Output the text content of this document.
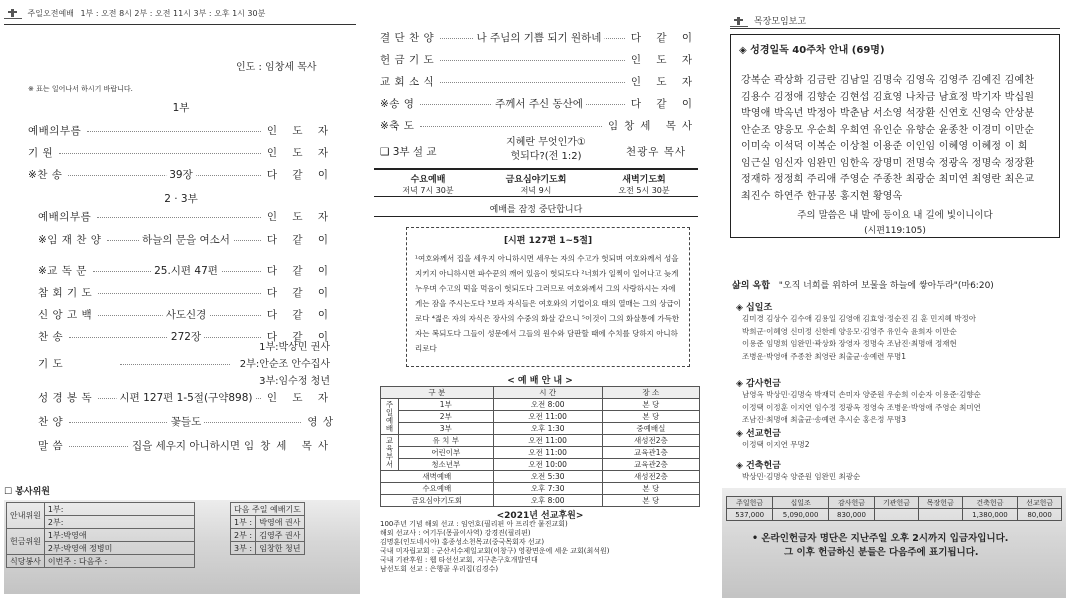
주일오전예배 1부 : 오전 8시 2부 : 오전 11시 3부 : 오후 1시 30분
인도 : 임창세 목사
※ 표는 일어나서 하시기 바랍니다.
1부
예배의부름	인 도 자
기 원	인 도 자
※찬 송	39장	다 같 이
2 · 3부
예배의부름	인 도 자
※임 재 찬 양	하늘의 문을 여소서	다 같 이
※교 독 문	25.시편 47편	다 같 이
참 회 기 도	다 같 이
신 앙 고 백	사도신경	다 같 이
찬 송	272장	다 같 이
기 도
1부:박상민 권사
2부:안순조 안수집사
3부:임수정 청년
성 경 봉 독	시편 127편 1-5절(구약898) 인 도 자
찬 양	꽃들도	영 상
말 씀	집을 세우지 아니하시면 임창세 목사
☐ 봉사위원
안내위원	1부:
	2부:
헌금위원	1부:박영애
	2부:박영애 정병미
식당봉사	이번주 : 다음주 :
다음 주일 예배기도	
1부 :	박영애 권사
2부 :	김영주 권사
3부 :	임창한 청년
결 단 찬 양	나 주님의 기쁨 되기 원하네	다 같 이
헌 금 기 도	인 도 자
교 회 소 식	인 도 자
※송 영	주께서 주신 동산에	다 같 이
※축 도	임창세 목사
❑ 3부 설 교
지혜란 무엇인가①
헛되다?(전 1:2)	천광우 목사
수요예배
저녁 7시 30분
금요심야기도회
저녁 9시
새벽기도회
오전 5시 30분
예배를 잠정 중단합니다
[시편 127편 1~5절]
¹여호와께서 집을 세우지 아니하시면 세우는 자의 수고가 헛되며 여호와께서 성을 지키지 아니하시면 파수꾼의 깨어 있음이 헛되도다 ²너희가 일찍이 일어나고 늦게 누우며 수고의 떡을 먹음이 헛되도다 그러므로 여호와께서 그의 사랑하시는 자에게는 잠을 주시는도다 ³보라 자식들은 여호와의 기업이요 태의 열매는 그의 상급이로다 ⁴젊은 자의 자식은 장사의 수중의 화살 같으니 ⁵이것이 그의 화살통에 가득한 자는 복되도다 그들이 성문에서 그들의 원수와 담판할 때에 수치를 당하지 아니하리로다
< 예 배 안 내 >
구 분		시 간	장 소
주일예배	1부	오전 8:00	본 당
	2부	오전 11:00	본 당
	3부	오후 1:30	중예배실
교육부서	유 치 부	오전 11:00	새성전2층
	어린이부	오전 11:00	교육관1층
	청소년부	오전 10:00	교육관2층
새벽예배		오전 5:30	새성전2층
수요예배		오후 7:30	본 당
금요심야기도회		오후 8:00	본 당
<2021년 선교후원>
100주년 기념 해외 선교 : 임언호(필리핀 아 프리칸 뭍진교회)
해외 선교사 : 여기두(몽골이사역) 강경진(필리핀)
김명훈(인도네시아) 홍종성소천목교(중국목회자 선교)
국내 미자립교회 : 군산서수제일교회(이창구) 영광면운에 세운 교회(최석원)
국내 기관후원 : 웹 타선선교회, 지구촌구호개발연대
남선도회 선교 : 은행골 우리집(김경수)
목장모임보고
◈ 성경일독 40주차 안내 (69명)
강복순 곽상화 김금란 김남일 김명숙 김영옥 김영주 김예진 김예찬
김용수 김정애 김향순 김현섭 김효영 나차금 남효정 박기자 박십원
박영애 박옥년 박정아 박춘남 서소영 석장환 신연호 신영숙 안상분
안순조 양응모 우순희 우희연 유인순 유향순 윤종찬 이경미 이만순
이미숙 이석덕 이복순 이상철 이용준 이인임 이혜영 이혜정 이 희
임근실 임신자 임완민 임한옥 장명미 전명숙 정광옥 정명숙 정장환
정재하 정정희 주리애 주영순 주종찬 최광순 최미연 최영란 최은교
최진수 하연주 한규봉 홍지현 황영옥
주의 말씀은 내 발에 등이요 내 길에 빛이니이다
(시편119:105)
삶의 옥합 "오직 너희를 위하여 보물을 하늘에 쌓아두라"(마6:20)
◈ 십일조
김미경 김상수 김수애 김용일 김영애 김효영·정순진 김 훈 민지혜 박정아
박희군·이혜영 신미정 신한레 양응모·김영주 유인숙 윤희자 이만순
이용준 임명희 임완민·곽상화 장영자 정명숙 조남진·최명애 정재현
조병운·박영애 주종찬 최영란 최출균·송예련 무명1
◈ 감사헌금
남영옥 박상민·김명숙 박재덕 손미자 양준원 우순희 이순자 이용준·김향순
이정택 이정훈 이지연 임수정 정광옥 정영숙 조병운·박영애 주영순 최미연
조남진·최명애 최출균·송예련 추시순 홍은정 무명3
◈ 선교헌금
이정택 이지연 무명2
◈ 건축헌금
박상민·김명숙 양준원 임완민 최광순
주일헌금	십일조	감사헌금	기관헌금	목장헌금	건축헌금	선교헌금
537,000	5,090,000	830,000			1,380,000	80,000
• 온라인헌금자 명단은 지난주일 오후 2시까지 입금자입니다.
그 이후 헌금하신 분들은 다음주에 표기됩니다.
